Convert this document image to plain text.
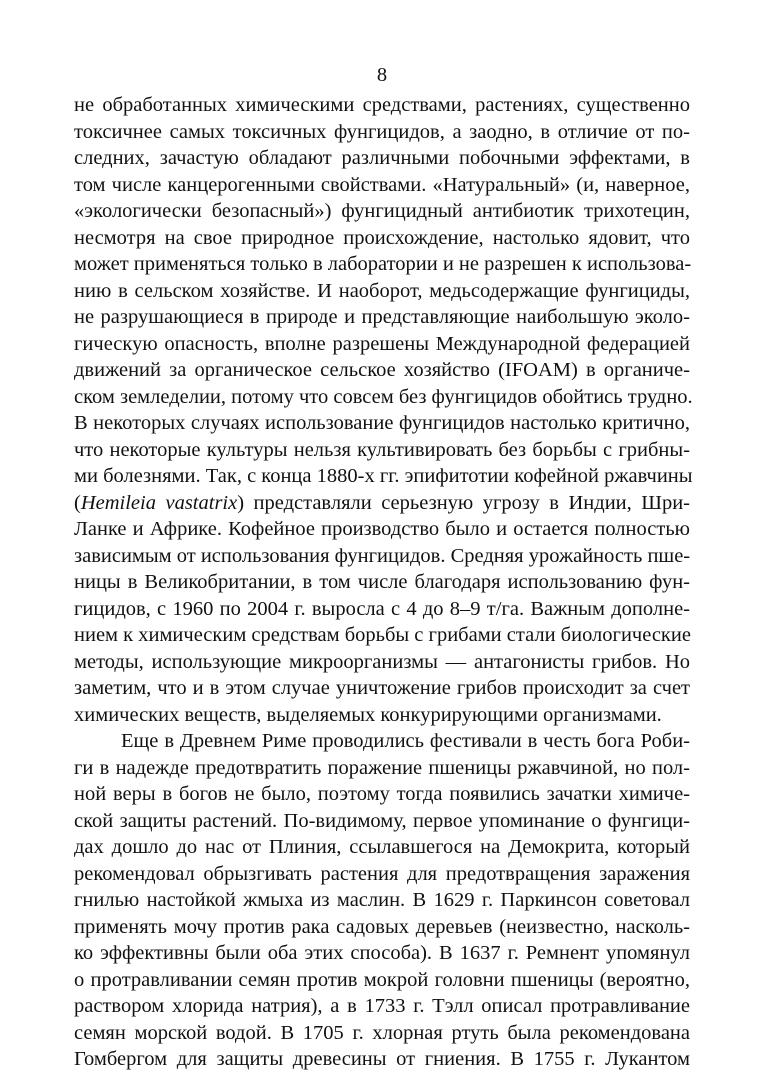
8
не обработанных химическими средствами, растениях, существенно
токсичнее самых токсичных фунгицидов, а заодно, в отличие от по-
следних, зачастую обладают различными побочными эффектами, в
том числе канцерогенными свойствами. «Натуральный» (и, наверное,
«экологически безопасный») фунгицидный антибиотик трихотецин,
несмотря на свое природное происхождение, настолько ядовит, что
может применяться только в лаборатории и не разрешен к использова-
нию в сельском хозяйстве. И наоборот, медьсодержащие фунгициды,
не разрушающиеся в природе и представляющие наибольшую эколо-
гическую опасность, вполне разрешены Международной федерацией
движений за органическое сельское хозяйство (IFOAM) в органиче-
ском земледелии, потому что совсем без фунгицидов обойтись трудно.
В некоторых случаях использование фунгицидов настолько критично,
что некоторые культуры нельзя культивировать без борьбы с грибны-
ми болезнями. Так, с конца 1880-х гг. эпифитотии кофейной ржавчины
(Hemileia vastatrix) представляли серьезную угрозу в Индии, Шри-
Ланке и Африке. Кофейное производство было и остается полностью
зависимым от использования фунгицидов. Средняя урожайность пше-
ницы в Великобритании, в том числе благодаря использованию фун-
гицидов, с 1960 по 2004 г. выросла с 4 до 8–9 т/га. Важным дополне-
нием к химическим средствам борьбы с грибами стали биологические
методы, использующие микроорганизмы — антагонисты грибов. Но
заметим, что и в этом случае уничтожение грибов происходит за счет
химических веществ, выделяемых конкурирующими организмами.
Еще в Древнем Риме проводились фестивали в честь бога Роби-
ги в надежде предотвратить поражение пшеницы ржавчиной, но пол-
ной веры в богов не было, поэтому тогда появились зачатки химиче-
ской защиты растений. По-видимому, первое упоминание о фунгици-
дах дошло до нас от Плиния, ссылавшегося на Демокрита, который
рекомендовал обрызгивать растения для предотвращения заражения
гнилью настойкой жмыха из маслин. В 1629 г. Паркинсон советовал
применять мочу против рака садовых деревьев (неизвестно, насколь-
ко эффективны были оба этих способа). В 1637 г. Ремнент упомянул
о протравливании семян против мокрой головни пшеницы (вероятно,
раствором хлорида натрия), а в 1733 г. Тэлл описал протравливание
семян морской водой. В 1705 г. хлорная ртуть была рекомендована
Гомбергом для защиты древесины от гниения. В 1755 г. Лукантом
